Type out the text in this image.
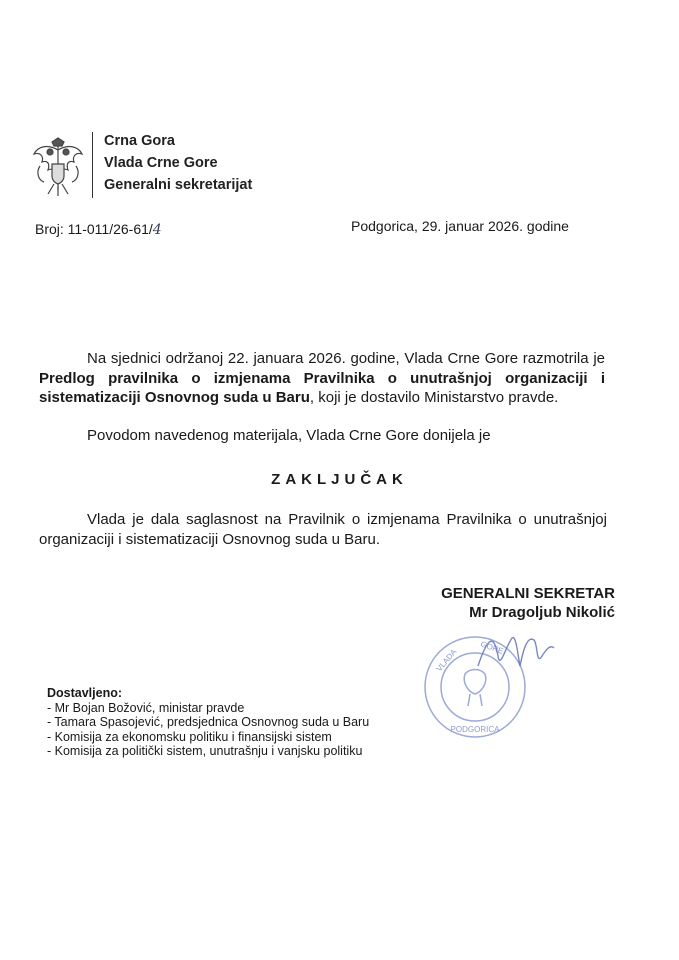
Crna Gora
Vlada Crne Gore
Generalni sekretarijat
Broj: 11-011/26-61/4	Podgorica, 29. januar 2026. godine
Na sjednici održanoj 22. januara 2026. godine, Vlada Crne Gore razmotrila je Predlog pravilnika o izmjenama Pravilnika o unutrašnjoj organizaciji i sistematizaciji Osnovnog suda u Baru, koji je dostavilo Ministarstvo pravde.
Povodom navedenog materijala, Vlada Crne Gore donijela je
ZAKLJUČAK
Vlada je dala saglasnost na Pravilnik o izmjenama Pravilnika o unutrašnjoj organizaciji i sistematizaciji Osnovnog suda u Baru.
GENERALNI SEKRETAR
Mr Dragoljub Nikolić
PODGORICA
VLADA	GORE
Dostavljeno:
- Mr Bojan Božović, ministar pravde
- Tamara Spasojević, predsjednica Osnovnog suda u Baru
- Komisija za ekonomsku politiku i finansijski sistem
- Komisija za politički sistem, unutrašnju i vanjsku politiku
